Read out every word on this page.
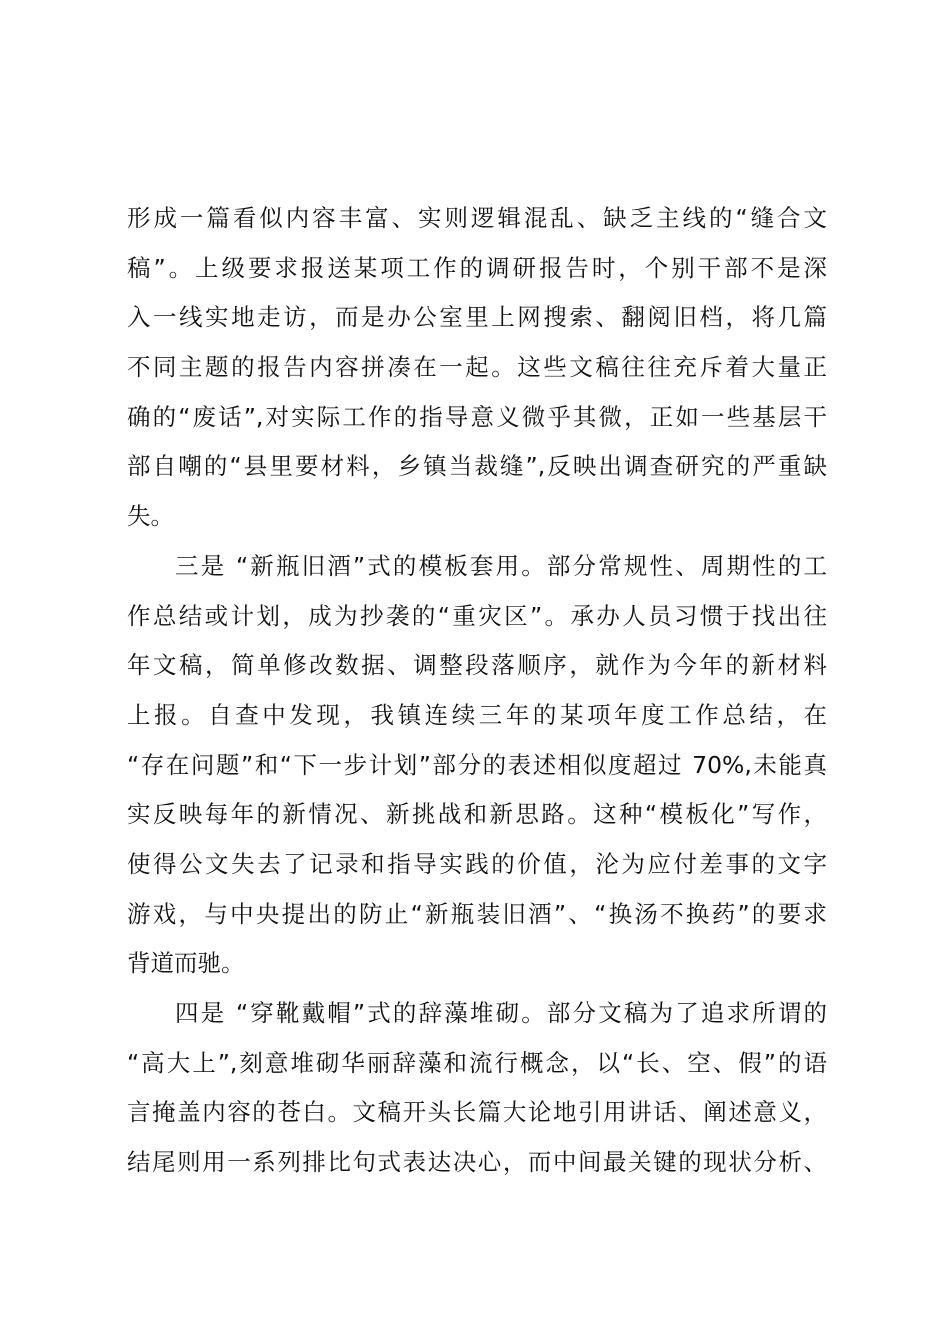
形成一篇看似内容丰富、实则逻辑混乱、缺乏主线的“缝合文
稿”。上级要求报送某项工作的调研报告时，个别干部不是深
入一线实地走访，而是办公室里上网搜索、翻阅旧档，将几篇
不同主题的报告内容拼凑在一起。这些文稿往往充斥着大量正
确的“废话”,对实际工作的指导意义微乎其微，正如一些基层干
部自嘲的“县里要材料，乡镇当裁缝”,反映出调查研究的严重缺
失。
三是 “新瓶旧酒”式的模板套用。部分常规性、周期性的工
作总结或计划，成为抄袭的“重灾区”。承办人员习惯于找出往
年文稿，简单修改数据、调整段落顺序，就作为今年的新材料
上报。自查中发现，我镇连续三年的某项年度工作总结，在
“存在问题”和“下一步计划”部分的表述相似度超过 70%,未能真
实反映每年的新情况、新挑战和新思路。这种“模板化”写作，
使得公文失去了记录和指导实践的价值，沦为应付差事的文字
游戏，与中央提出的防止“新瓶装旧酒”、“换汤不换药”的要求
背道而驰。
四是 “穿靴戴帽”式的辞藻堆砌。部分文稿为了追求所谓的
“高大上”,刻意堆砌华丽辞藻和流行概念，以“长、空、假”的语
言掩盖内容的苍白。文稿开头长篇大论地引用讲话、阐述意义，
结尾则用一系列排比句式表达决心，而中间最关键的现状分析、
